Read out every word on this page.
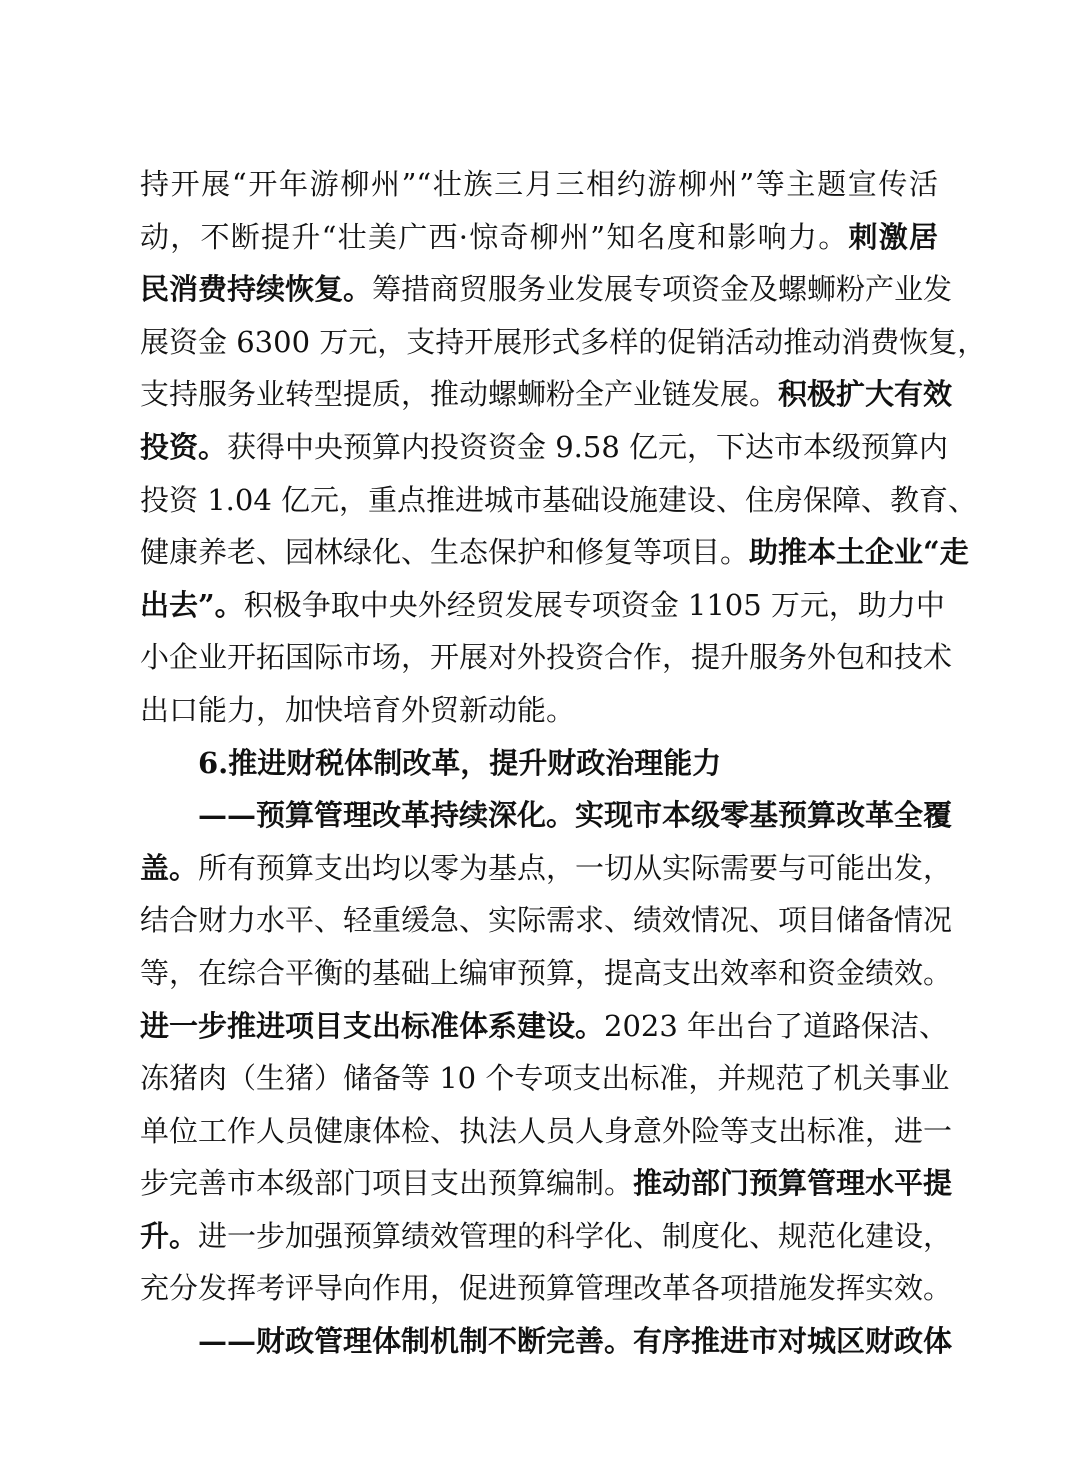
持开展“开年游柳州”“壮族三月三相约游柳州”等主题宣传活
动，不断提升“壮美广西·惊奇柳州”知名度和影响力。刺激居
民消费持续恢复。筹措商贸服务业发展专项资金及螺蛳粉产业发
展资金 6300 万元，支持开展形式多样的促销活动推动消费恢复，
支持服务业转型提质，推动螺蛳粉全产业链发展。积极扩大有效
投资。获得中央预算内投资资金 9.58 亿元，下达市本级预算内
投资 1.04 亿元，重点推进城市基础设施建设、住房保障、教育、
健康养老、园林绿化、生态保护和修复等项目。助推本土企业“走
出去”。积极争取中央外经贸发展专项资金 1105 万元，助力中
小企业开拓国际市场，开展对外投资合作，提升服务外包和技术
出口能力，加快培育外贸新动能。
6.推进财税体制改革，提升财政治理能力
——预算管理改革持续深化。实现市本级零基预算改革全覆
盖。所有预算支出均以零为基点，一切从实际需要与可能出发，
结合财力水平、轻重缓急、实际需求、绩效情况、项目储备情况
等，在综合平衡的基础上编审预算，提高支出效率和资金绩效。
进一步推进项目支出标准体系建设。2023 年出台了道路保洁、
冻猪肉（生猪）储备等 10 个专项支出标准，并规范了机关事业
单位工作人员健康体检、执法人员人身意外险等支出标准，进一
步完善市本级部门项目支出预算编制。推动部门预算管理水平提
升。进一步加强预算绩效管理的科学化、制度化、规范化建设，
充分发挥考评导向作用，促进预算管理改革各项措施发挥实效。
——财政管理体制机制不断完善。有序推进市对城区财政体
